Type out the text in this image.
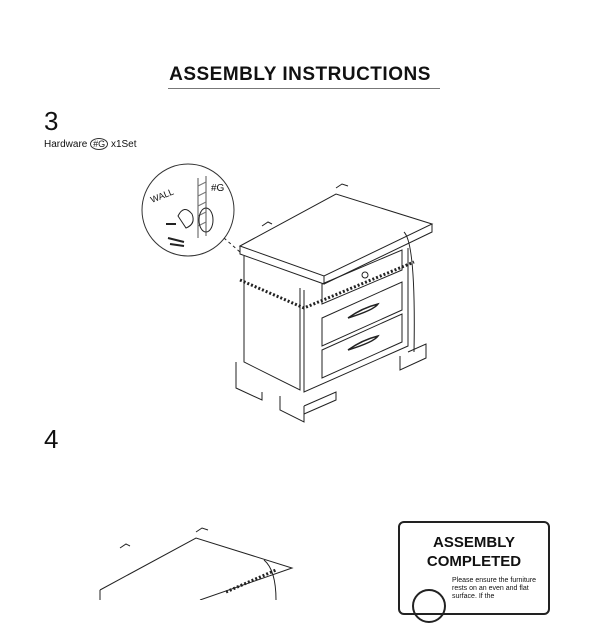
ASSEMBLY INSTRUCTIONS
3
Hardware #G x1Set
WALL	#G
4
ASSEMBLY
COMPLETED
Please ensure the furniture rests on an even and flat surface. If the
